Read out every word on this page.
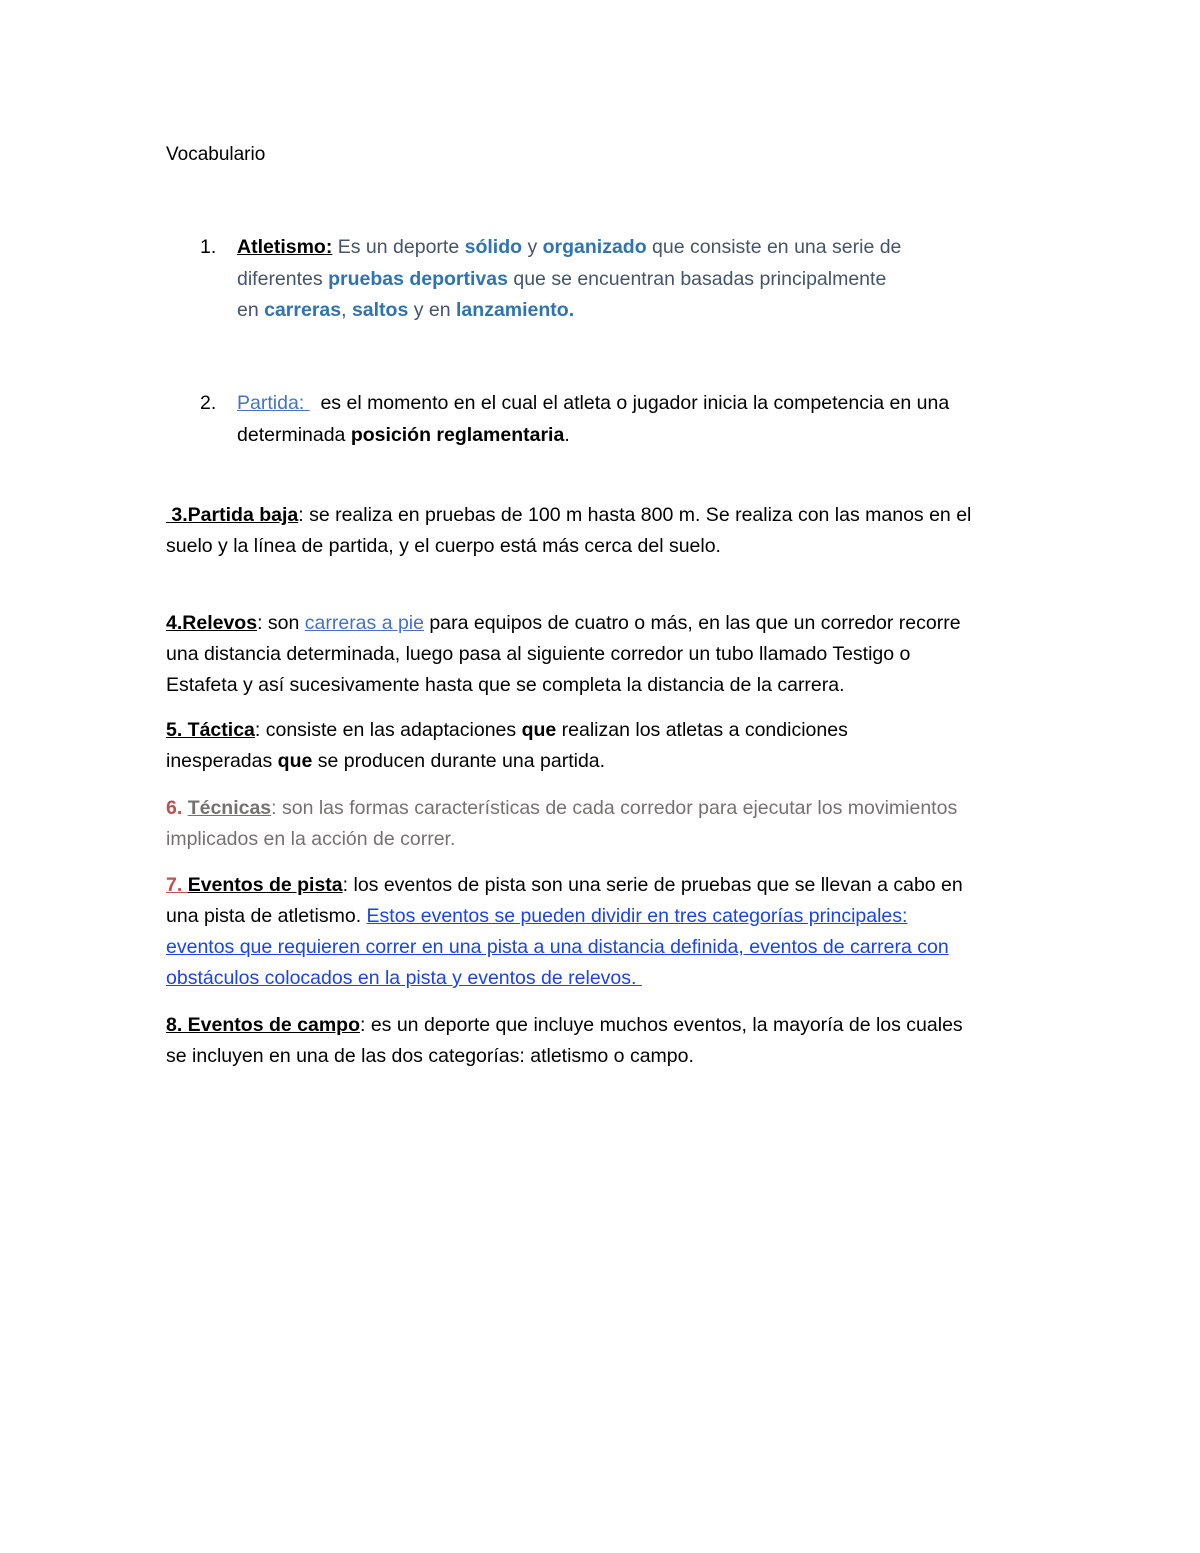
Vocabulario
1. Atletismo: Es un deporte sólido y organizado que consiste en una serie de
diferentes pruebas deportivas que se encuentran basadas principalmente
en carreras, saltos y en lanzamiento.
2. Partida:   es el momento en el cual el atleta o jugador inicia la competencia en una
determinada posición reglamentaria.
3.Partida baja: se realiza en pruebas de 100 m hasta 800 m. Se realiza con las manos en el
suelo y la línea de partida, y el cuerpo está más cerca del suelo.
4.Relevos: son carreras a pie para equipos de cuatro o más, en las que un corredor recorre
una distancia determinada, luego pasa al siguiente corredor un tubo llamado Testigo o
Estafeta y así sucesivamente hasta que se completa la distancia de la carrera.
5. Táctica: consiste en las adaptaciones que realizan los atletas a condiciones
inesperadas que se producen durante una partida.
6. Técnicas: son las formas características de cada corredor para ejecutar los movimientos
implicados en la acción de correr.
7. Eventos de pista: los eventos de pista son una serie de pruebas que se llevan a cabo en
una pista de atletismo. Estos eventos se pueden dividir en tres categorías principales:
eventos que requieren correr en una pista a una distancia definida, eventos de carrera con
obstáculos colocados en la pista y eventos de relevos.
8. Eventos de campo: es un deporte que incluye muchos eventos, la mayoría de los cuales
se incluyen en una de las dos categorías: atletismo o campo.
